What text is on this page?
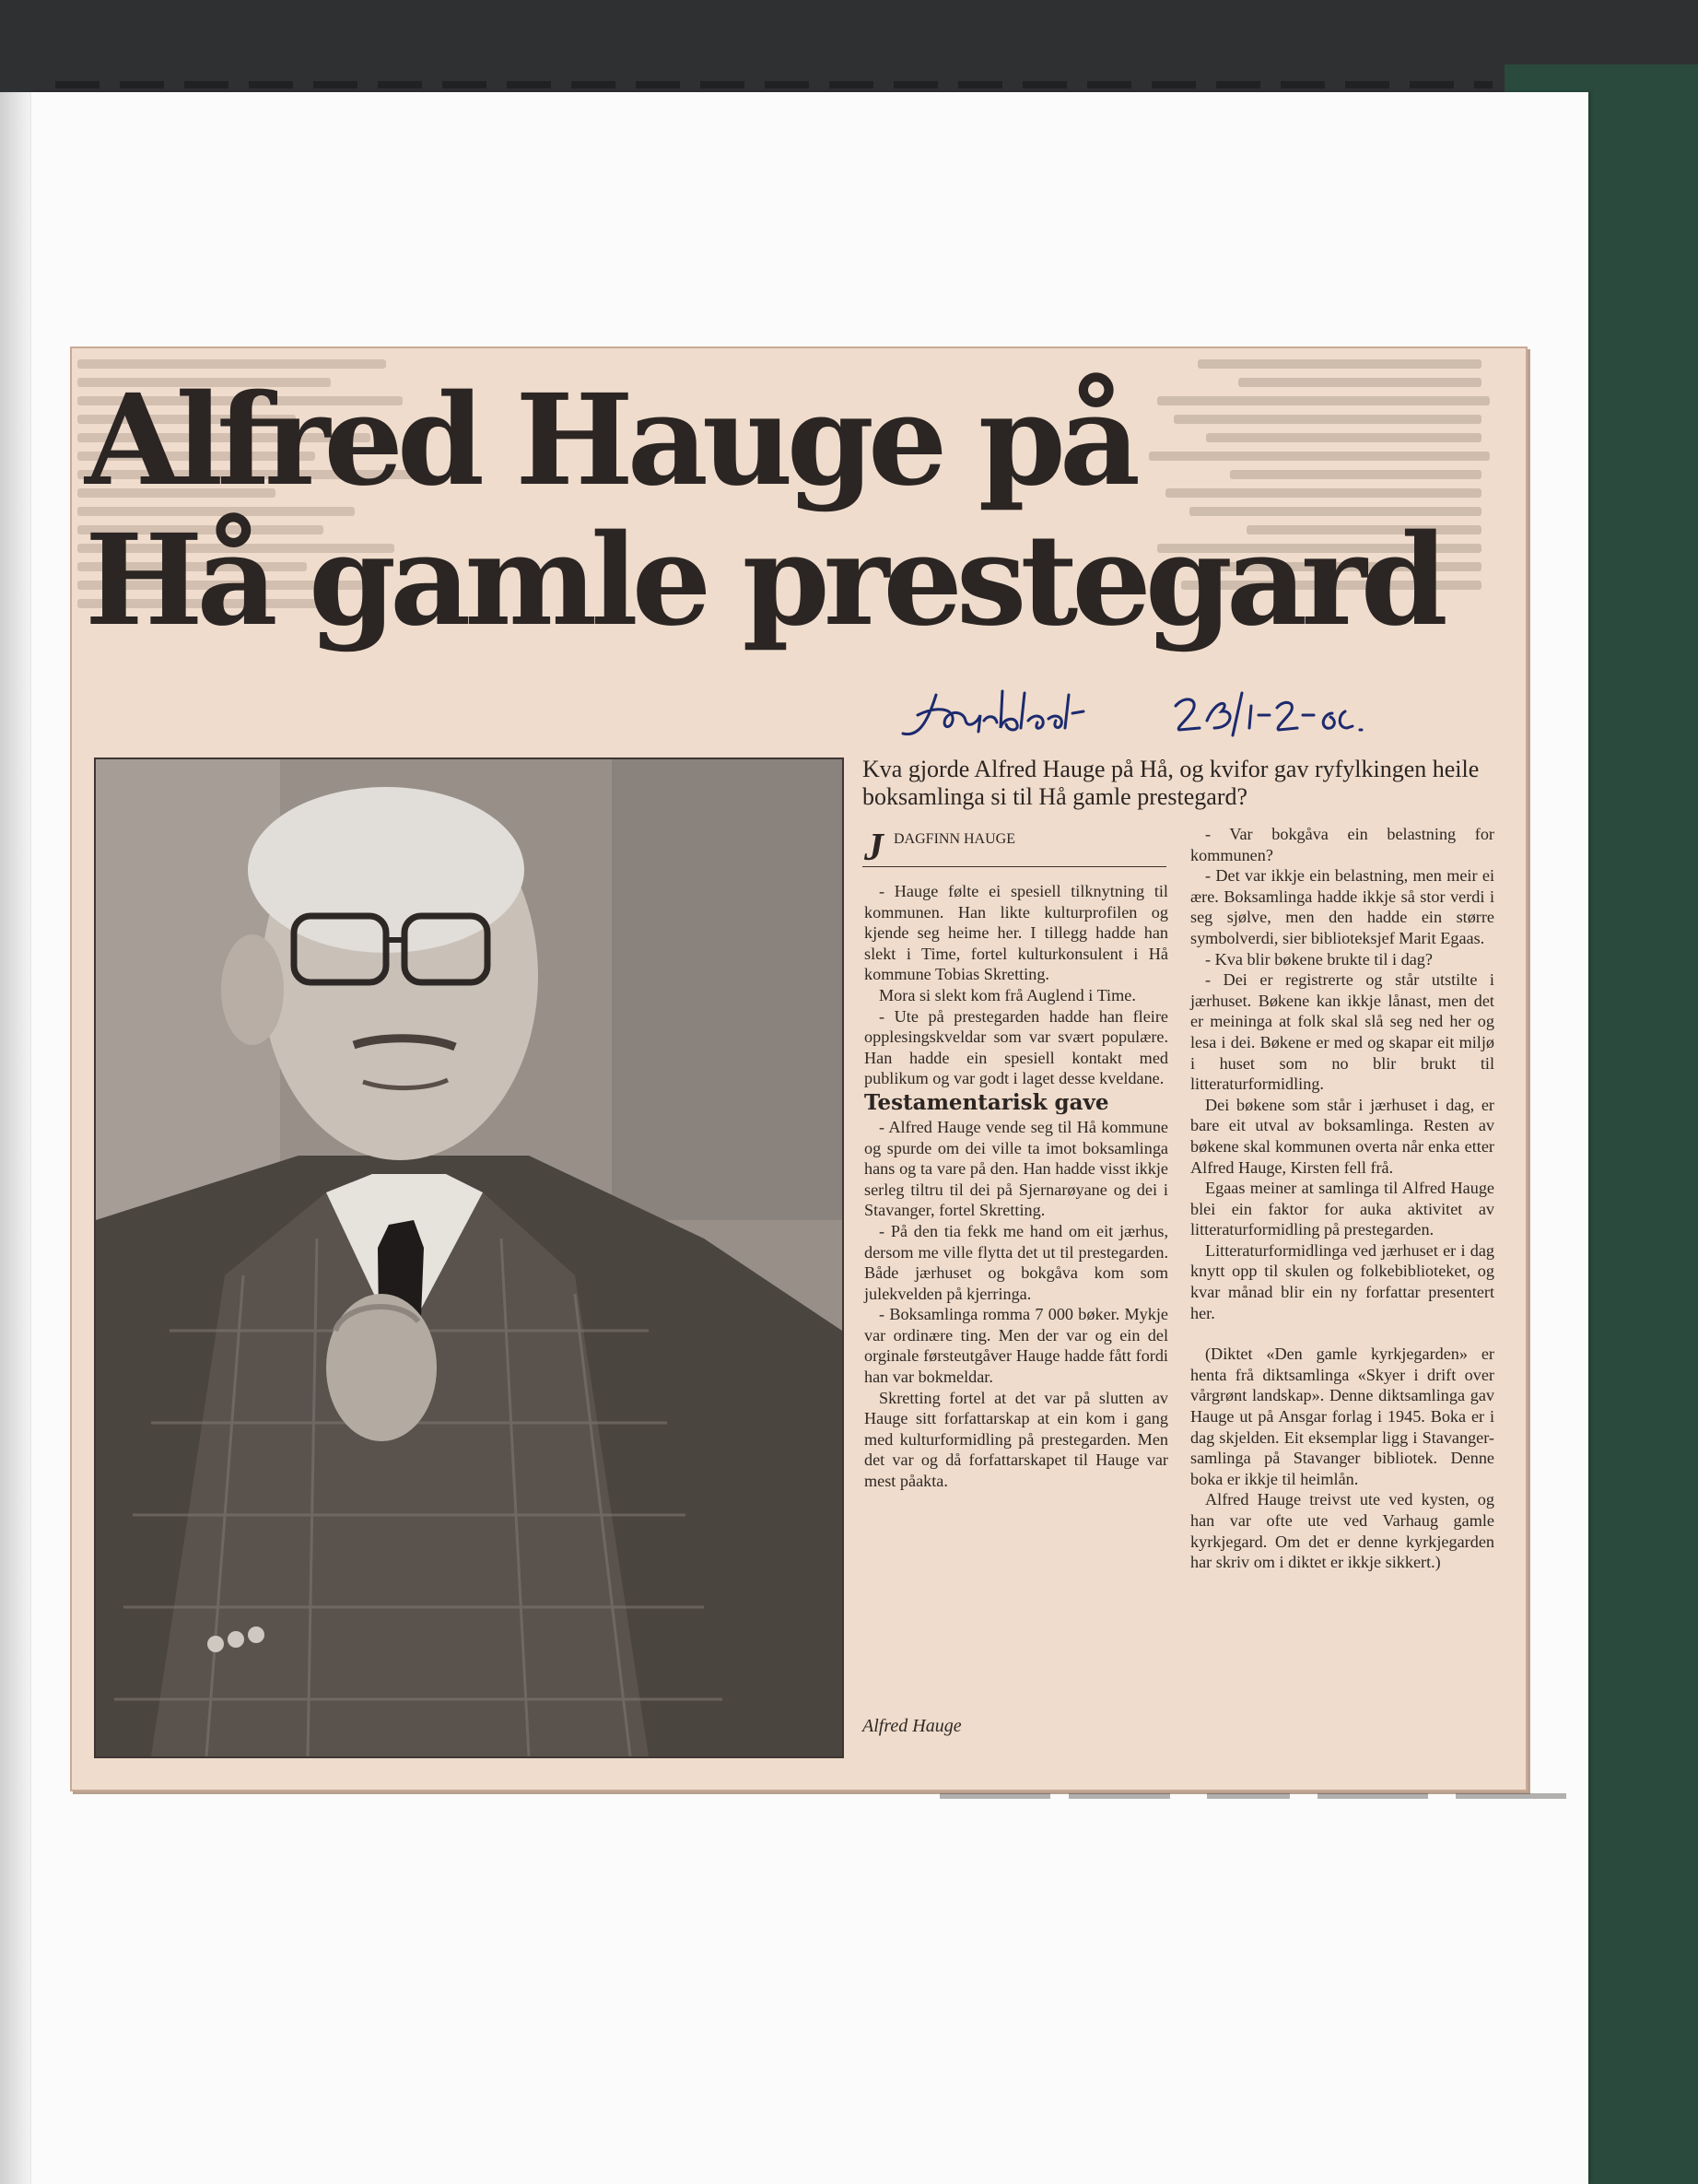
Alfred Hauge på
Hå gamle prestegard

Kva gjorde Alfred Hauge på Hå, og kvifor gav ryfylkingen heile boksamlinga si til Hå gamle prestegard?

J DAGFINN HAUGE

- Hauge følte ei spesiell tilknytning til kommunen. Han likte kulturprofilen og kjende seg heime her. I tillegg hadde han slekt i Time, fortel kulturkonsulent i Hå kommune Tobias Skretting.

Mora si slekt kom frå Auglend i Time.

- Ute på prestegarden hadde han fleire opplesingskveldar som var svært populære. Han hadde ein spesiell kontakt med publikum og var godt i laget desse kveldane.

Testamentarisk gave

- Alfred Hauge vende seg til Hå kommune og spurde om dei ville ta imot boksamlinga hans og ta vare på den. Han hadde visst ikkje serleg tiltru til dei på Sjernarøyane og dei i Stavanger, fortel Skretting.

- På den tia fekk me hand om eit jærhus, dersom me ville flytta det ut til prestegarden. Både jærhuset og bokgåva kom som julekvelden på kjerringa.

- Boksamlinga romma 7 000 bøker. Mykje var ordinære ting. Men der var og ein del orginale førsteutgåver Hauge hadde fått fordi han var bokmeldar.

Skretting fortel at det var på slutten av Hauge sitt forfattarskap at ein kom i gang med kulturformidling på prestegarden. Men det var og då forfattarskapet til Hauge var mest påakta.

- Var bokgåva ein belastning for kommunen?

- Det var ikkje ein belastning, men meir ei ære. Boksamlinga hadde ikkje så stor verdi i seg sjølve, men den hadde ein større symbolverdi, sier biblioteksjef Marit Egaas.

- Kva blir bøkene brukte til i dag?

- Dei er registrerte og står utstilte i jærhuset. Bøkene kan ikkje lånast, men det er meininga at folk skal slå seg ned her og lesa i dei. Bøkene er med og skapar eit miljø i huset som no blir brukt til litteraturformidling.

Dei bøkene som står i jærhuset i dag, er bare eit utval av boksamlinga. Resten av bøkene skal kommunen overta når enka etter Alfred Hauge, Kirsten fell frå.

Egaas meiner at samlinga til Alfred Hauge blei ein faktor for auka aktivitet av litteraturformidling på prestegarden.

Litteraturformidlinga ved jærhuset er i dag knytt opp til skulen og folkebiblioteket, og kvar månad blir ein ny forfattar presentert her.

(Diktet «Den gamle kyrkjegarden» er henta frå diktsamlinga «Skyer i drift over vårgrønt landskap». Denne diktsamlinga gav Hauge ut på Ansgar forlag i 1945. Boka er i dag skjelden. Eit eksemplar ligg i Stavanger-samlinga på Stavanger bibliotek. Denne boka er ikkje til heimlån.

Alfred Hauge treivst ute ved kysten, og han var ofte ute ved Varhaug gamle kyrkjegard. Om det er denne kyrkjegarden har skriv om i diktet er ikkje sikkert.)

Alfred Hauge
